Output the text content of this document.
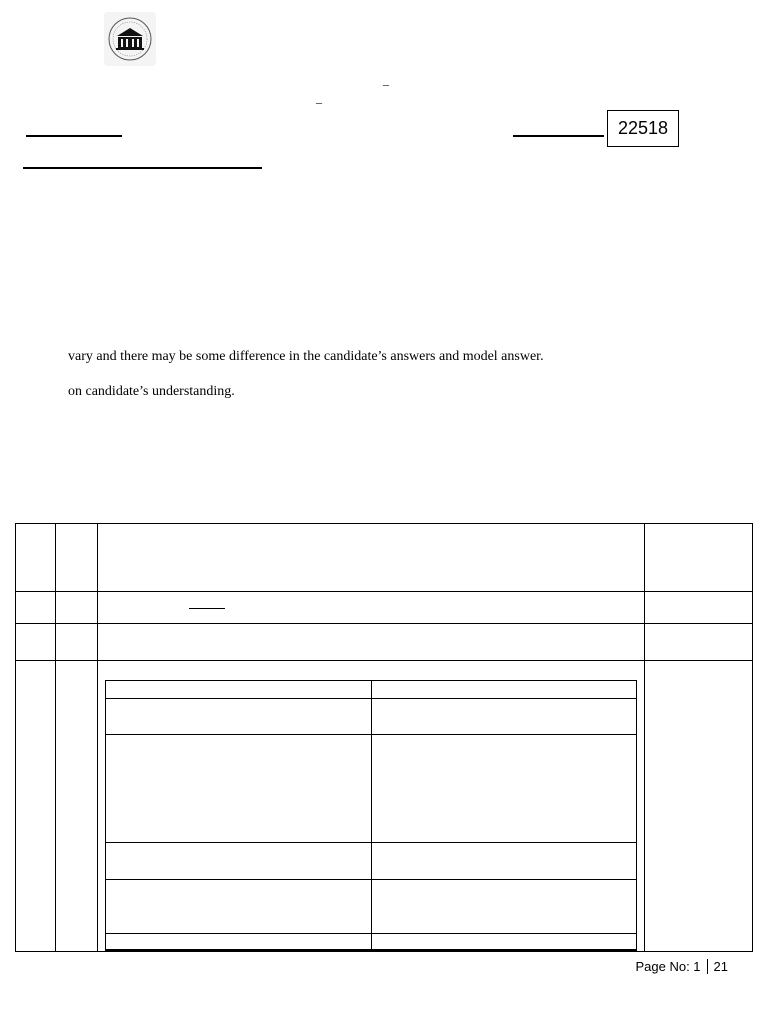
_
_
22518
vary and there may be some difference in the candidate’s answers and model answer.
on candidate’s understanding.
Page No: 1 21
